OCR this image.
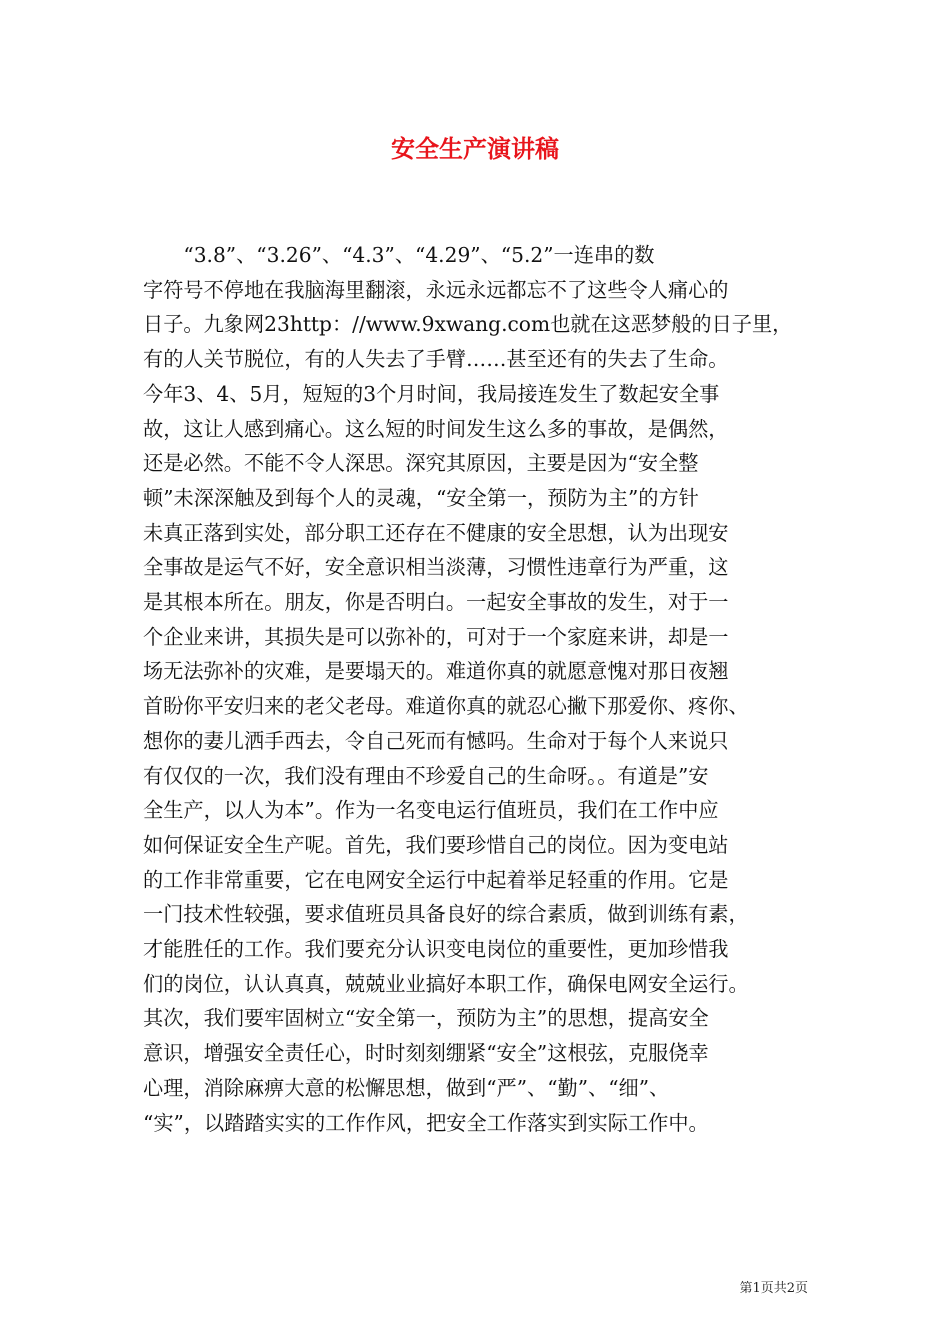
安全生产演讲稿
　　“3.8”、“3.26”、“4.3”、“4.29”、“5.2”一连串的数
字符号不停地在我脑海里翻滚，永远永远都忘不了这些令人痛心的
日子。九象网23http：//www.9xwang.com也就在这恶梦般的日子里，
有的人关节脱位，有的人失去了手臂……甚至还有的失去了生命。
今年3、4、5月，短短的3个月时间，我局接连发生了数起安全事
故，这让人感到痛心。这么短的时间发生这么多的事故，是偶然，
还是必然。不能不令人深思。深究其原因，主要是因为“安全整
顿”未深深触及到每个人的灵魂，“安全第一，预防为主”的方针
未真正落到实处，部分职工还存在不健康的安全思想，认为出现安
全事故是运气不好，安全意识相当淡薄，习惯性违章行为严重，这
是其根本所在。朋友，你是否明白。一起安全事故的发生，对于一
个企业来讲，其损失是可以弥补的，可对于一个家庭来讲，却是一
场无法弥补的灾难，是要塌天的。难道你真的就愿意愧对那日夜翘
首盼你平安归来的老父老母。难道你真的就忍心撇下那爱你、疼你、
想你的妻儿洒手西去，令自己死而有憾吗。生命对于每个人来说只
有仅仅的一次，我们没有理由不珍爱自己的生命呀。。有道是”安
全生产，以人为本”。作为一名变电运行值班员，我们在工作中应
如何保证安全生产呢。首先，我们要珍惜自己的岗位。因为变电站
的工作非常重要，它在电网安全运行中起着举足轻重的作用。它是
一门技术性较强，要求值班员具备良好的综合素质，做到训练有素，
才能胜任的工作。我们要充分认识变电岗位的重要性，更加珍惜我
们的岗位，认认真真，兢兢业业搞好本职工作，确保电网安全运行。
其次，我们要牢固树立“安全第一，预防为主”的思想，提高安全
意识，增强安全责任心，时时刻刻绷紧“安全”这根弦，克服侥幸
心理，消除麻痹大意的松懈思想，做到“严”、“勤”、“细”、
“实”，以踏踏实实的工作作风，把安全工作落实到实际工作中。
第1页共2页
